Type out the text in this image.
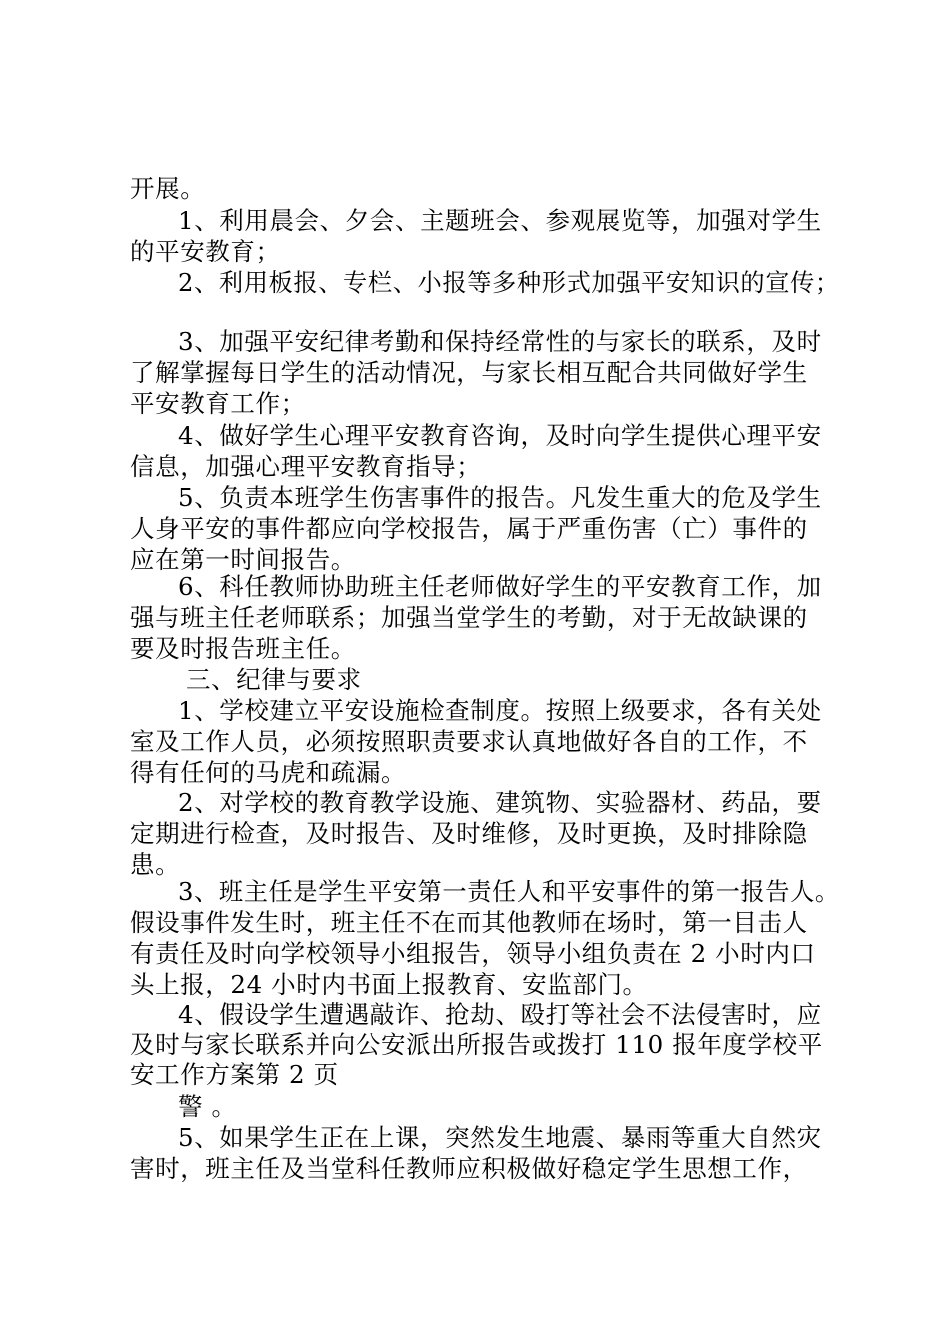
开展。
1、利用晨会、夕会、主题班会、参观展览等，加强对学生
的平安教育；
2、利用板报、专栏、小报等多种形式加强平安知识的宣传；
3、加强平安纪律考勤和保持经常性的与家长的联系，及时
了解掌握每日学生的活动情况，与家长相互配合共同做好学生
平安教育工作；
4、做好学生心理平安教育咨询，及时向学生提供心理平安
信息，加强心理平安教育指导；
5、负责本班学生伤害事件的报告。凡发生重大的危及学生
人身平安的事件都应向学校报告，属于严重伤害（亡）事件的
应在第一时间报告。
6、科任教师协助班主任老师做好学生的平安教育工作，加
强与班主任老师联系；加强当堂学生的考勤，对于无故缺课的
要及时报告班主任。
三、纪律与要求
1、学校建立平安设施检查制度。按照上级要求，各有关处
室及工作人员，必须按照职责要求认真地做好各自的工作，不
得有任何的马虎和疏漏。
2、对学校的教育教学设施、建筑物、实验器材、药品，要
定期进行检查，及时报告、及时维修，及时更换，及时排除隐
患。
3、班主任是学生平安第一责任人和平安事件的第一报告人。
假设事件发生时，班主任不在而其他教师在场时，第一目击人
有责任及时向学校领导小组报告，领导小组负责在 2 小时内口
头上报，24 小时内书面上报教育、安监部门。
4、假设学生遭遇敲诈、抢劫、殴打等社会不法侵害时，应
及时与家长联系并向公安派出所报告或拨打 110 报年度学校平
安工作方案第 2 页
警 。
5、如果学生正在上课，突然发生地震、暴雨等重大自然灾
害时，班主任及当堂科任教师应积极做好稳定学生思想工作，
